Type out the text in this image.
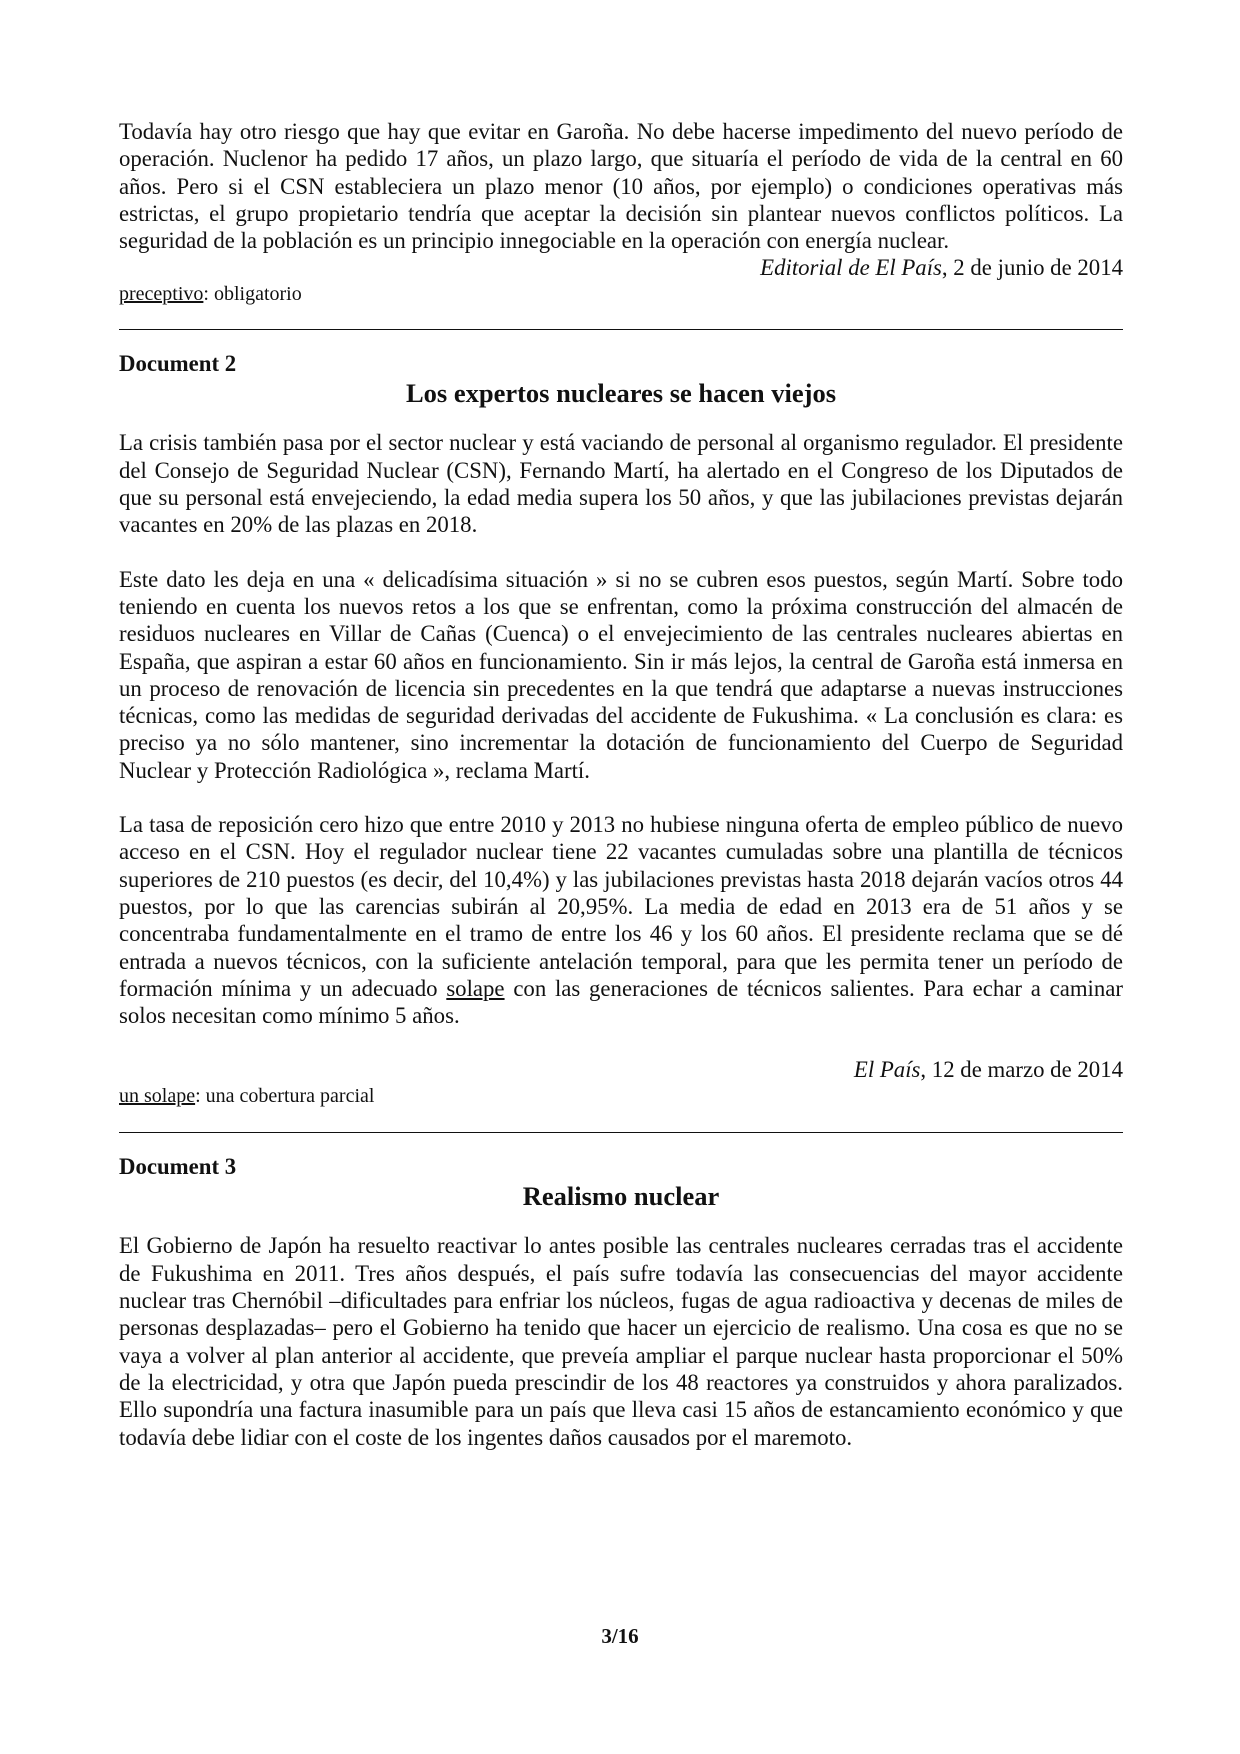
Todavía hay otro riesgo que hay que evitar en Garoña. No debe hacerse impedimento del nuevo período de operación. Nuclenor ha pedido 17 años, un plazo largo, que situaría el período de vida de la central en 60 años. Pero si el CSN estableciera un plazo menor (10 años, por ejemplo) o condiciones operativas más estrictas, el grupo propietario tendría que aceptar la decisión sin plantear nuevos conflictos políticos. La seguridad de la población es un principio innegociable en la operación con energía nuclear.

Editorial de El País, 2 de junio de 2014

preceptivo: obligatorio

Document 2

Los expertos nucleares se hacen viejos

La crisis también pasa por el sector nuclear y está vaciando de personal al organismo regulador. El presidente del Consejo de Seguridad Nuclear (CSN), Fernando Martí, ha alertado en el Congreso de los Diputados de que su personal está envejeciendo, la edad media supera los 50 años, y que las jubilaciones previstas dejarán vacantes en 20% de las plazas en 2018.

Este dato les deja en una « delicadísima situación » si no se cubren esos puestos, según Martí. Sobre todo teniendo en cuenta los nuevos retos a los que se enfrentan, como la próxima construcción del almacén de residuos nucleares en Villar de Cañas (Cuenca) o el envejecimiento de las centrales nucleares abiertas en España, que aspiran a estar 60 años en funcionamiento. Sin ir más lejos, la central de Garoña está inmersa en un proceso de renovación de licencia sin precedentes en la que tendrá que adaptarse a nuevas instrucciones técnicas, como las medidas de seguridad derivadas del accidente de Fukushima. « La conclusión es clara: es preciso ya no sólo mantener, sino incrementar la dotación de funcionamiento del Cuerpo de Seguridad Nuclear y Protección Radiológica », reclama Martí.

La tasa de reposición cero hizo que entre 2010 y 2013 no hubiese ninguna oferta de empleo público de nuevo acceso en el CSN. Hoy el regulador nuclear tiene 22 vacantes cumuladas sobre una plantilla de técnicos superiores de 210 puestos (es decir, del 10,4%) y las jubilaciones previstas hasta 2018 dejarán vacíos otros 44 puestos, por lo que las carencias subirán al 20,95%. La media de edad en 2013 era de 51 años y se concentraba fundamentalmente en el tramo de entre los 46 y los 60 años. El presidente reclama que se dé entrada a nuevos técnicos, con la suficiente antelación temporal, para que les permita tener un período de formación mínima y un adecuado solape con las generaciones de técnicos salientes. Para echar a caminar solos necesitan como mínimo 5 años.

El País, 12 de marzo de 2014

un solape: una cobertura parcial

Document 3

Realismo nuclear

El Gobierno de Japón ha resuelto reactivar lo antes posible las centrales nucleares cerradas tras el accidente de Fukushima en 2011. Tres años después, el país sufre todavía las consecuencias del mayor accidente nuclear tras Chernóbil –dificultades para enfriar los núcleos, fugas de agua radioactiva y decenas de miles de personas desplazadas– pero el Gobierno ha tenido que hacer un ejercicio de realismo. Una cosa es que no se vaya a volver al plan anterior al accidente, que preveía ampliar el parque nuclear hasta proporcionar el 50% de la electricidad, y otra que Japón pueda prescindir de los 48 reactores ya construidos y ahora paralizados. Ello supondría una factura inasumible para un país que lleva casi 15 años de estancamiento económico y que todavía debe lidiar con el coste de los ingentes daños causados por el maremoto.

3/16
